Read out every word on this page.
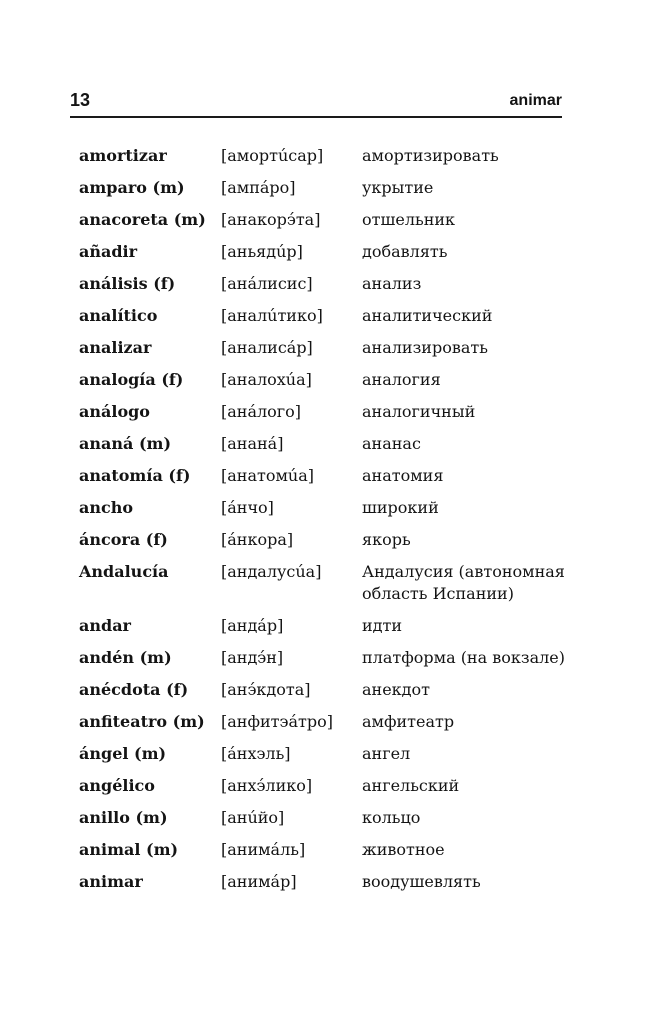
13	animar
amortizar	[амортúсар]	амортизировать
amparo (m)	[ампáро]	укрытие
anacoreta (m) [анакорэ́та]	отшельник
añadir	[аньядúр]	добавлять
análisis (f)	[анáлисис]	анализ
analítico	[аналúтико]	аналитический
analizar	[аналисáр]	анализировать
analogía (f)	[аналохúа]	аналогия
análogo	[анáлого]	аналогичный
ananá (m)	[ананá]	ананас
anatomía (f)	[анатомúа]	анатомия
ancho	[áнчо]	широкий
áncora (f)	[áнкора]	якорь
Andalucía	[андалусúа]	Андалусия (автономная область Испании)
andar	[андáр]	идти
andén (m)	[андэ́н]	платформа (на вокзале)
anécdota (f)	[анэ́кдота]	анекдот
anfiteatro (m)	[анфитэáтро]	амфитеатр
ángel (m)	[áнхэль]	ангел
angélico	[анхэ́лико]	ангельский
anillo (m)	[анúйо]	кольцо
animal (m)	[анимáль]	животное
animar	[анимáр]	воодушевлять
